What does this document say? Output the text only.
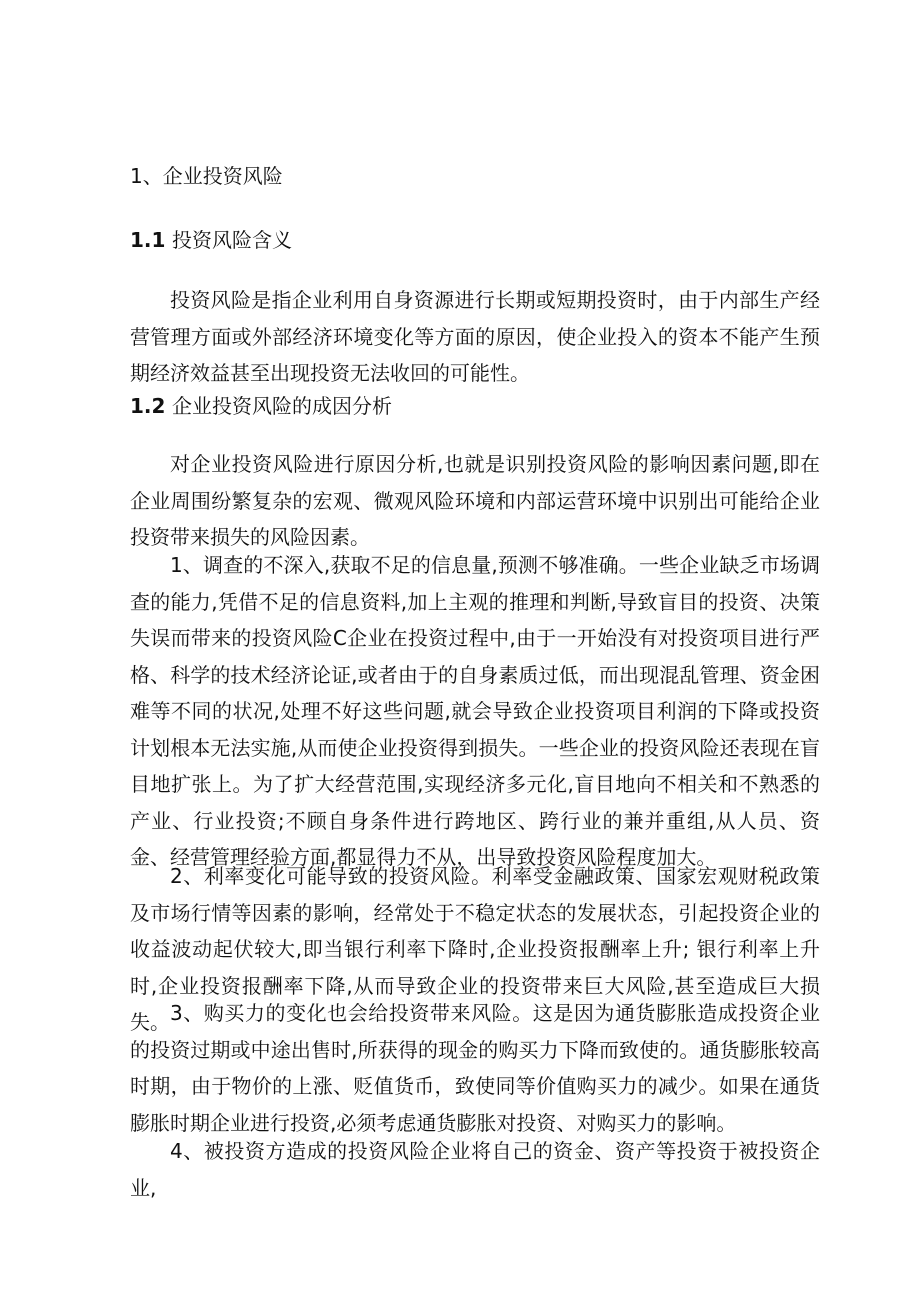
1、企业投资风险
1.1 投资风险含义

投资风险是指企业利用自身资源进行长期或短期投资时，由于内部生产经营管理方面或外部经济环境变化等方面的原因，使企业投入的资本不能产生预期经济效益甚至出现投资无法收回的可能性。

1.2 企业投资风险的成因分析

对企业投资风险进行原因分析,也就是识别投资风险的影响因素问题,即在企业周围纷繁复杂的宏观、微观风险环境和内部运营环境中识别出可能给企业投资带来损失的风险因素。

1、调查的不深入,获取不足的信息量,预测不够准确。一些企业缺乏市场调查的能力,凭借不足的信息资料,加上主观的推理和判断,导致盲目的投资、决策失误而带来的投资风险C企业在投资过程中,由于一开始没有对投资项目进行严格、科学的技术经济论证,或者由于的自身素质过低，而出现混乱管理、资金困难等不同的状况,处理不好这些问题,就会导致企业投资项目利润的下降或投资计划根本无法实施,从而使企业投资得到损失。一些企业的投资风险还表现在盲目地扩张上。为了扩大经营范围,实现经济多元化,盲目地向不相关和不熟悉的产业、行业投资;不顾自身条件进行跨地区、跨行业的兼并重组,从人员、资金、经营管理经验方面,都显得力不从，出导致投资风险程度加大。

2、利率变化可能导致的投资风险。利率受金融政策、国家宏观财税政策及市场行情等因素的影响，经常处于不稳定状态的发展状态，引起投资企业的收益波动起伏较大,即当银行利率下降时,企业投资报酬率上升; 银行利率上升时,企业投资报酬率下降,从而导致企业的投资带来巨大风险,甚至造成巨大损失。 3、购买力的变化也会给投资带来风险。这是因为通货膨胀造成投资企业的投资过期或中途出售时,所获得的现金的购买力下降而致使的。通货膨胀较高时期，由于物价的上涨、贬值货币，致使同等价值购买力的减少。如果在通货膨胀时期企业进行投资,必须考虑通货膨胀对投资、对购买力的影响。

4、被投资方造成的投资风险企业将自己的资金、资产等投资于被投资企业,
